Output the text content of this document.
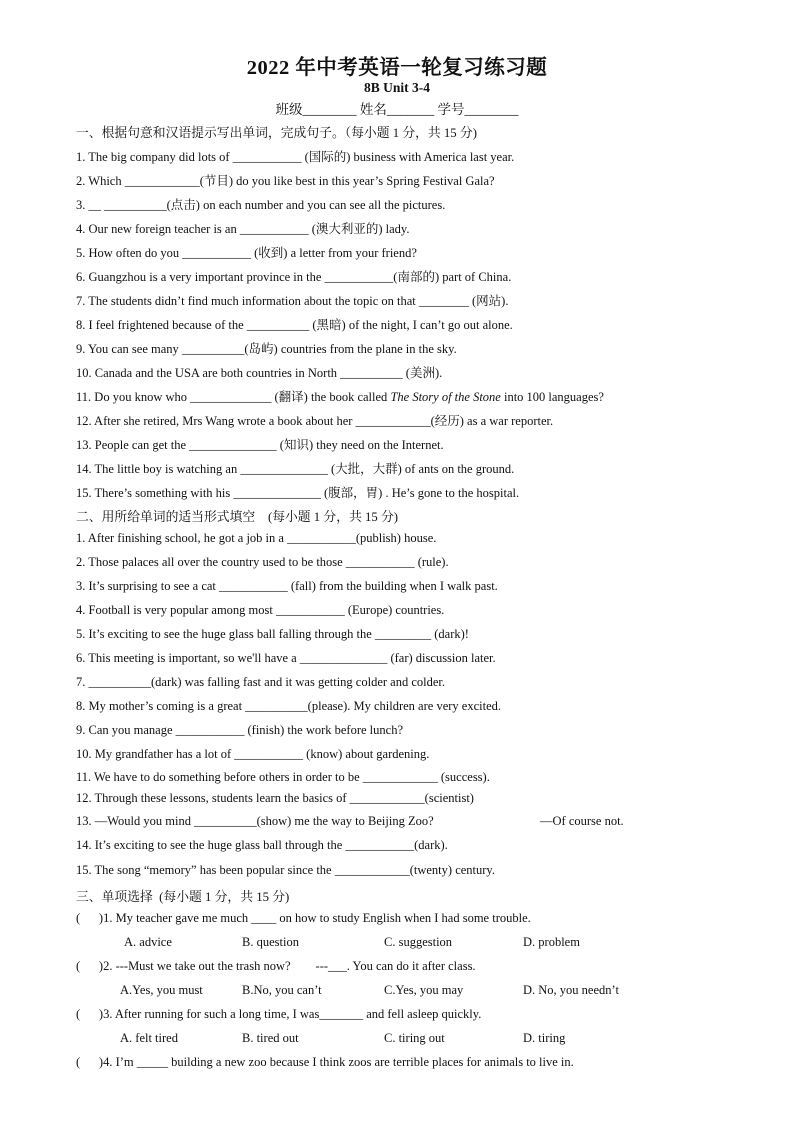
2022 年中考英语一轮复习练习题
8B Unit 3-4
班级________ 姓名_______ 学号________
一、根据句意和汉语提示写出单词，完成句子。（每小题 1 分，共 15 分)
1. The big company did lots of ___________ (国际的) business with America last year.
2. Which ____________(节目) do you like best in this year’s Spring Festival Gala?
3. __ __________(点击) on each number and you can see all the pictures.
4. Our new foreign teacher is an ___________ (澳大利亚的) lady.
5. How often do you ___________ (收到) a letter from your friend?
6. Guangzhou is a very important province in the ___________(南部的) part of China.
7. The students didn’t find much information about the topic on that ________ (网站).
8. I feel frightened because of the __________ (黑暗) of the night, I can’t go out alone.
9. You can see many __________(岛屿) countries from the plane in the sky.
10. Canada and the USA are both countries in North __________ (美洲).
11. Do you know who _____________ (翻译) the book called The Story of the Stone into 100 languages?
12. After she retired, Mrs Wang wrote a book about her ____________(经历) as a war reporter.
13. People can get the ______________ (知识) they need on the Internet.
14. The little boy is watching an ______________ (大批，大群) of ants on the ground.
15. There’s something with his ______________ (腹部，胃) . He’s gone to the hospital.
二、用所给单词的适当形式填空    (每小题 1 分，共 15 分)
1. After finishing school, he got a job in a ___________(publish) house.
2. Those palaces all over the country used to be those ___________ (rule).
3. It’s surprising to see a cat ___________ (fall) from the building when I walk past.
4. Football is very popular among most ___________ (Europe) countries.
5. It’s exciting to see the huge glass ball falling through the _________ (dark)!
6. This meeting is important, so we'll have a ______________ (far) discussion later.
7. __________(dark) was falling fast and it was getting colder and colder.
8. My mother’s coming is a great __________(please). My children are very excited.
9. Can you manage ___________ (finish) the work before lunch?
10. My grandfather has a lot of ___________ (know) about gardening.
11. We have to do something before others in order to be ____________ (success).
12. Through these lessons, students learn the basics of ____________(scientist)
13. —Would you mind __________(show) me the way to Beijing Zoo?	—Of course not.
14. It’s exciting to see the huge glass ball through the ___________(dark).
15. The song “memory” has been popular since the ____________(twenty) century.
三、单项选择  (每小题 1 分，共 15 分)
(      )1. My teacher gave me much ____ on how to study English when I had some trouble.
A. advice	B. question	C. suggestion	D. problem
(      )2. ---Must we take out the trash now?        ---___. You can do it after class.
A.Yes, you must	B.No, you can’t	C.Yes, you may	D. No, you needn’t
(      )3. After running for such a long time, I was_______ and fell asleep quickly.
A. felt tired	B. tired out	C. tiring out	D. tiring
(      )4. I’m _____ building a new zoo because I think zoos are terrible places for animals to live in.
